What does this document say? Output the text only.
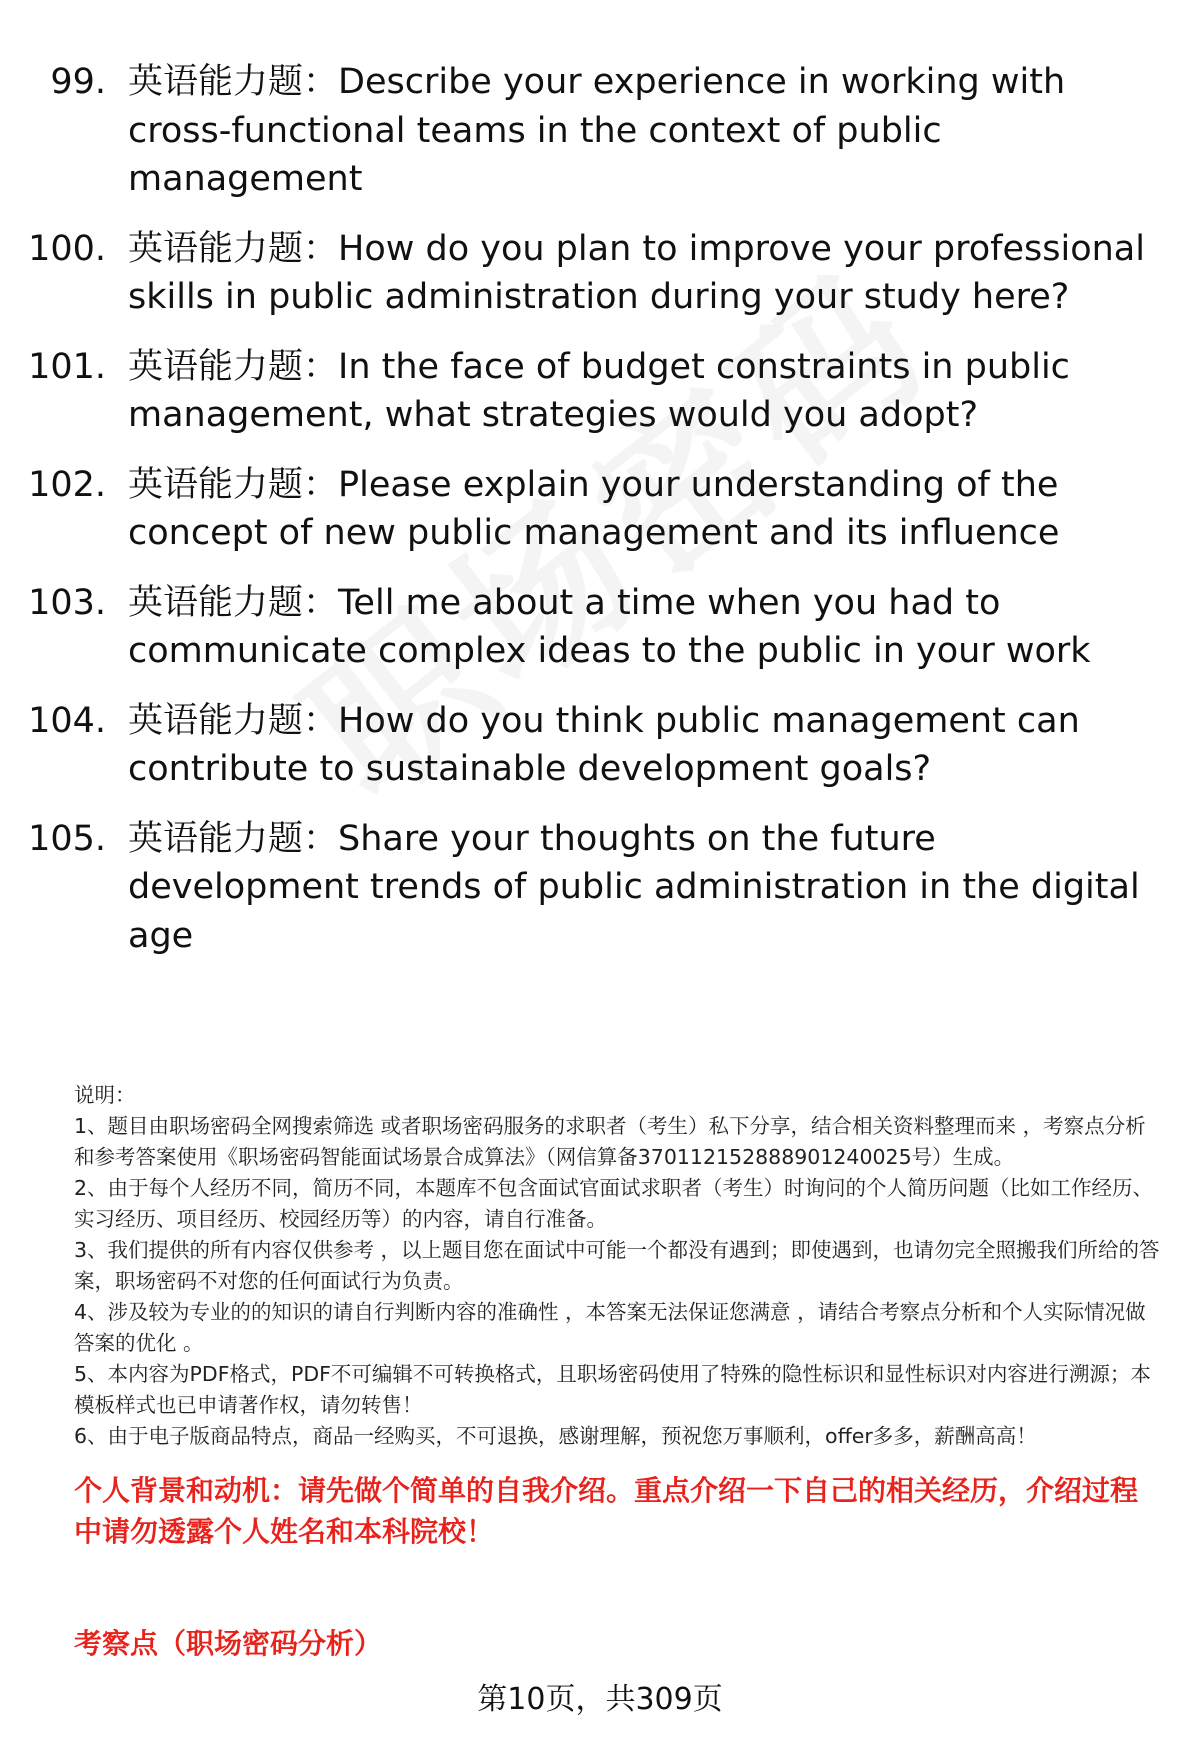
99. 英语能力题：Describe your experience in working with cross-functional teams in the context of public management
100. 英语能力题：How do you plan to improve your professional skills in public administration during your study here?
101. 英语能力题：In the face of budget constraints in public management, what strategies would you adopt?
102. 英语能力题：Please explain your understanding of the concept of new public management and its influence
103. 英语能力题：Tell me about a time when you had to communicate complex ideas to the public in your work
104. 英语能力题：How do you think public management can contribute to sustainable development goals?
105. 英语能力题：Share your thoughts on the future development trends of public administration in the digital age

说明：

1、题目由职场密码全网搜索筛选 或者职场密码服务的求职者（考生）私下分享，结合相关资料整理而来 ，考察点分析和参考答案使用《职场密码智能面试场景合成算法》（网信算备370112152888901240025号）生成。

2、由于每个人经历不同，简历不同，本题库不包含面试官面试求职者（考生）时询问的个人简历问题（比如工作经历、实习经历、项目经历、校园经历等）的内容，请自行准备。

3、我们提供的所有内容仅供参考 ，以上题目您在面试中可能一个都没有遇到；即使遇到，也请勿完全照搬我们所给的答案，职场密码不对您的任何面试行为负责。

4、涉及较为专业的的知识的请自行判断内容的准确性 ，本答案无法保证您满意 ，请结合考察点分析和个人实际情况做答案的优化 。

5、本内容为PDF格式，PDF不可编辑不可转换格式，且职场密码使用了特殊的隐性标识和显性标识对内容进行溯源；本模板样式也已申请著作权，请勿转售！

6、由于电子版商品特点，商品一经购买，不可退换，感谢理解，预祝您万事顺利，offer多多，薪酬高高！

个人背景和动机：请先做个简单的自我介绍。重点介绍一下自己的相关经历，介绍过程中请勿透露个人姓名和本科院校！
考察点（职场密码分析）
第10页，共309页
